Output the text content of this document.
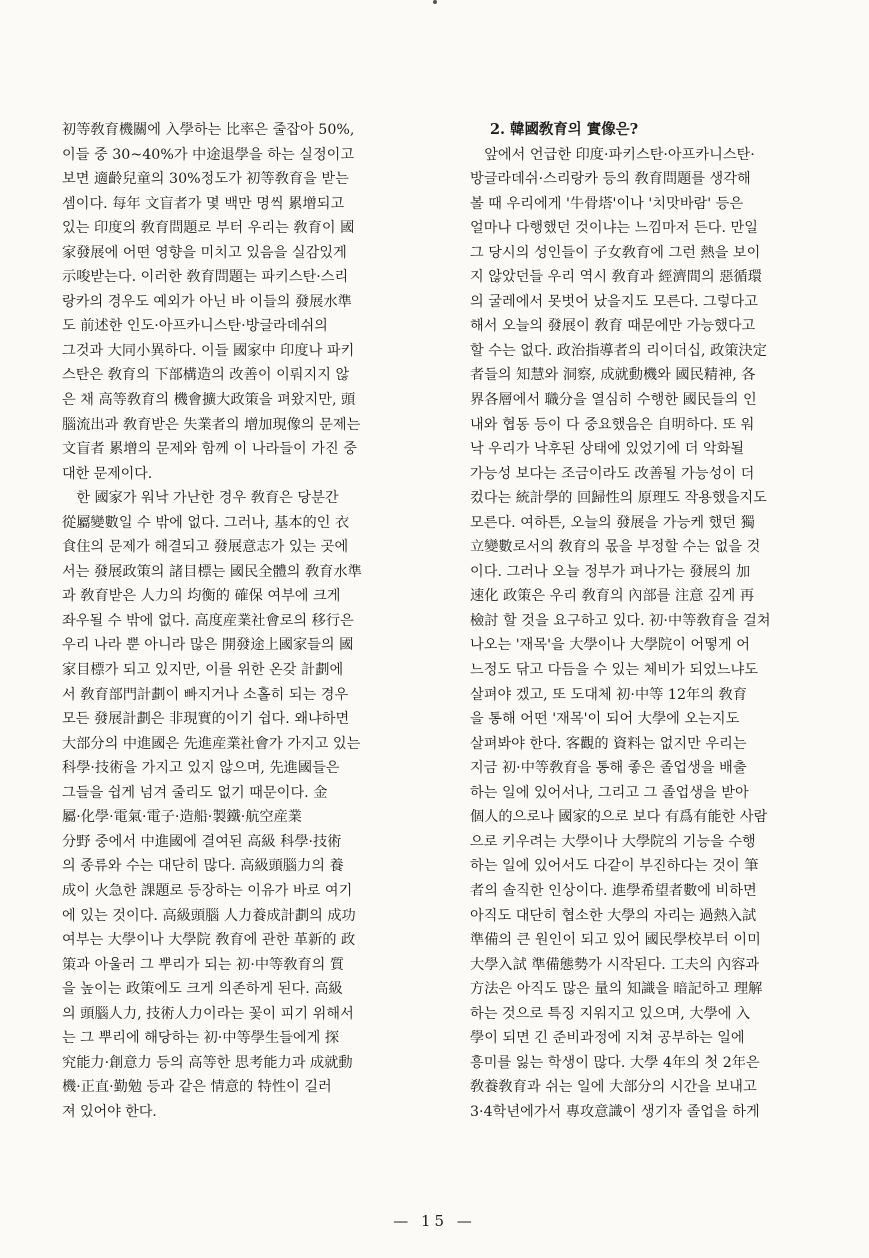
初等敎育機關에 入學하는 比率은 줄잡아 50%,
이들 중 30~40%가 中途退學을 하는 실정이고
보면 適齡兒童의 30%정도가 初等敎育을 받는
셈이다. 每年 文盲者가 몇 백만 명씩 累增되고
있는 印度의 敎育問題로 부터 우리는 敎育이 國
家發展에 어떤 영향을 미치고 있음을 실감있게
示唆받는다. 이러한 敎育問題는 파키스탄·스리
랑카의 경우도 예외가 아닌 바 이들의 發展水準
도 前述한 인도·아프카니스탄·방글라데쉬의
그것과 大同小異하다. 이들 國家中 印度나 파키
스탄은 敎育의 下部構造의 改善이 이뤄지지 않
은 채 高等敎育의 機會擴大政策을 펴왔지만, 頭
腦流出과 敎育받은 失業者의 增加現像의 문제는
文盲者 累增의 문제와 함께 이 나라들이 가진 중
대한 문제이다.
　한 國家가 워낙 가난한 경우 敎育은 당분간
從屬變數일 수 밖에 없다. 그러나, 基本的인 衣
食住의 문제가 해결되고 發展意志가 있는 곳에
서는 發展政策의 諸目標는 國民全體의 敎育水準
과 敎育받은 人力의 均衡的 確保 여부에 크게
좌우될 수 밖에 없다. 高度産業社會로의 移行은
우리 나라 뿐 아니라 많은 開發途上國家들의 國
家目標가 되고 있지만, 이를 위한 온갖 計劃에
서 敎育部門計劃이 빠지거나 소홀히 되는 경우
모든 發展計劃은 非現實的이기 쉽다. 왜냐하면
大部分의 中進國은 先進産業社會가 가지고 있는
科學·技術을 가지고 있지 않으며, 先進國들은
그들을 쉽게 넘겨 줄리도 없기 때문이다. 金
屬·化學·電氣·電子·造船·製鐵·航空産業
分野 중에서 中進國에 결여된 高級 科學·技術
의 종류와 수는 대단히 많다. 高級頭腦力의 養
成이 火急한 課題로 등장하는 이유가 바로 여기
에 있는 것이다. 高級頭腦 人力養成計劃의 成功
여부는 大學이나 大學院 敎育에 관한 革新的 政
策과 아울러 그 뿌리가 되는 初·中等敎育의 質
을 높이는 政策에도 크게 의존하게 된다. 高級
의 頭腦人力, 技術人力이라는 꽃이 피기 위해서
는 그 뿌리에 해당하는 初·中等學生들에게 探
究能力·創意力 등의 高等한 思考能力과 成就動
機·正直·勤勉 등과 같은 情意的 特性이 길러
져 있어야 한다.
2. 韓國敎育의 實像은?
　앞에서 언급한 印度·파키스탄·아프카니스탄·
방글라데쉬·스리랑카 등의 敎育問題를 생각해
볼 때 우리에게 '牛骨塔'이나 '치맛바람' 등은
얼마나 다행했던 것이냐는 느낌마저 든다. 만일
그 당시의 성인들이 子女敎育에 그런 熱을 보이
지 않았던들 우리 역시 敎育과 經濟間의 惡循環
의 굴레에서 못벗어 났을지도 모른다. 그렇다고
해서 오늘의 發展이 敎育 때문에만 가능했다고
할 수는 없다. 政治指導者의 리이더십, 政策決定
者들의 知慧와 洞察, 成就動機와 國民精神, 各
界各層에서 職分을 열심히 수행한 國民들의 인
내와 협동 등이 다 중요했음은 自明하다. 또 워
낙 우리가 낙후된 상태에 있었기에 더 악화될
가능성 보다는 조금이라도 改善될 가능성이 더
컸다는 統計學的 回歸性의 原理도 작용했을지도
모른다. 여하튼, 오늘의 發展을 가능케 했던 獨
立變數로서의 敎育의 몫을 부정할 수는 없을 것
이다. 그러나 오늘 정부가 펴나가는 發展의 加
速化 政策은 우리 敎育의 內部를 注意 깊게 再
檢討 할 것을 요구하고 있다. 初·中等敎育을 걸쳐
나오는 '재목'을 大學이나 大學院이 어떻게 어
느정도 닦고 다듬을 수 있는 체비가 되었느냐도
살펴야 겠고, 또 도대체 初·中等 12年의 敎育
을 통해 어떤 '재목'이 되어 大學에 오는지도
살펴봐야 한다. 客觀的 資料는 없지만 우리는
지금 初·中等敎育을 통해 좋은 졸업생을 배출
하는 일에 있어서나, 그리고 그 졸업생을 받아
個人的으로나 國家的으로 보다 有爲有能한 사람
으로 키우려는 大學이나 大學院의 기능을 수행
하는 일에 있어서도 다같이 부진하다는 것이 筆
者의 솔직한 인상이다. 進學希望者數에 비하면
아직도 대단히 협소한 大學의 자리는 過熱入試
準備의 큰 원인이 되고 있어 國民學校부터 이미
大學入試 準備態勢가 시작된다. 工夫의 內容과
方法은 아직도 많은 量의 知識을 暗記하고 理解
하는 것으로 특징 지워지고 있으며, 大學에 入
學이 되면 긴 준비과정에 지쳐 공부하는 일에
흥미를 잃는 학생이 많다. 大學 4年의 첫 2年은
敎養敎育과 쉬는 일에 大部分의 시간을 보내고
3·4학년에가서 專攻意識이 생기자 졸업을 하게
— 15 —
